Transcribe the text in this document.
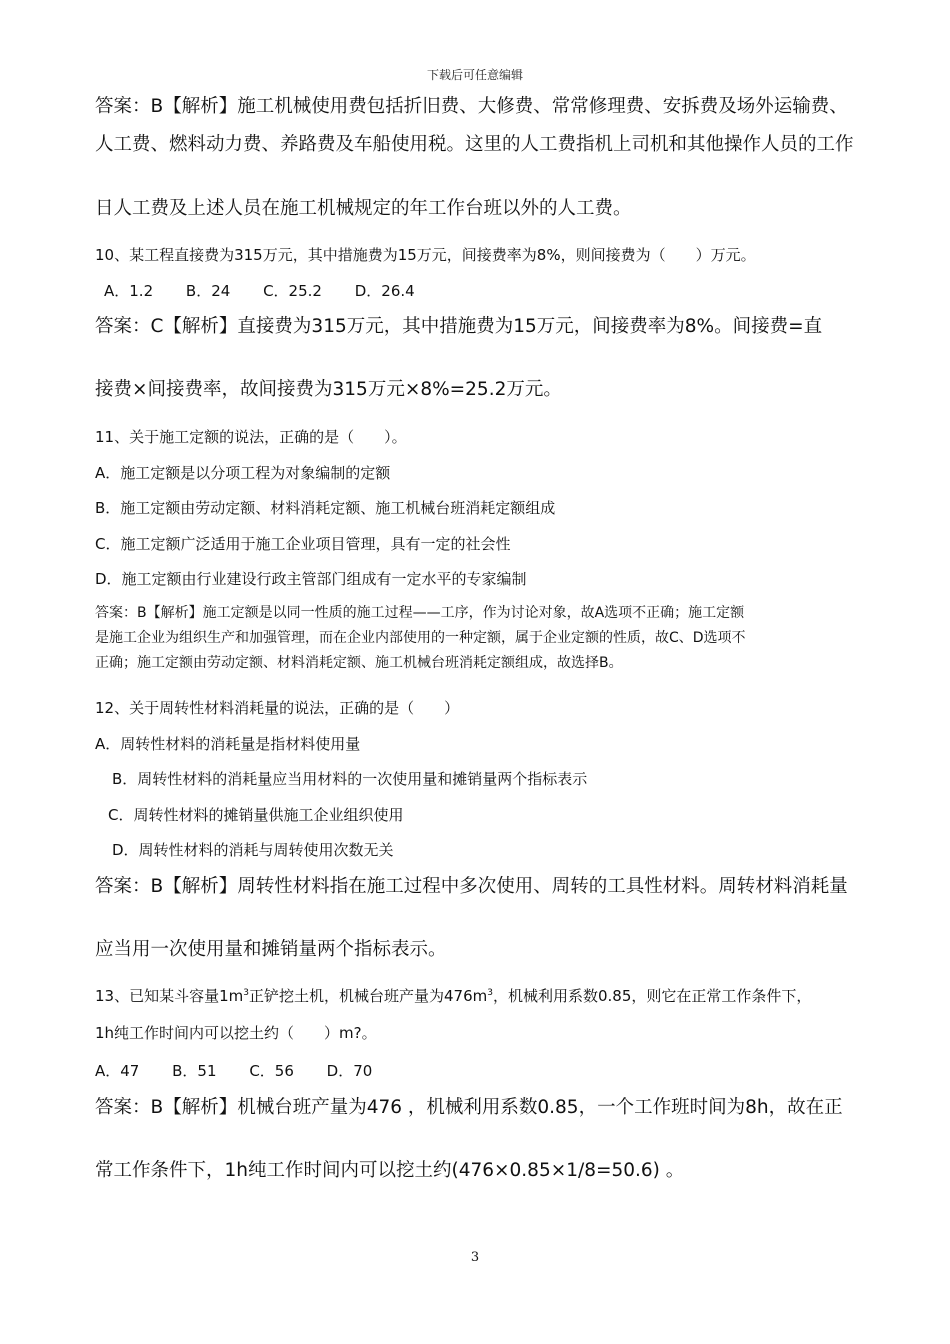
下载后可任意编辑
答案：B【解析】施工机械使用费包括折旧费、大修费、常常修理费、安拆费及场外运输费、
人工费、燃料动力费、养路费及车船使用税。这里的人工费指机上司机和其他操作人员的工作
日人工费及上述人员在施工机械规定的年工作台班以外的人工费。
10、某工程直接费为315万元，其中措施费为15万元，间接费率为8%，则间接费为（　　）万元。
A．1.2 B．24 C．25.2 D．26.4
答案：C【解析】直接费为315万元，其中措施费为15万元，间接费率为8%。间接费=直
接费×间接费率，故间接费为315万元×8%=25.2万元。
11、关于施工定额的说法，正确的是（　　）。
A．施工定额是以分项工程为对象编制的定额
B．施工定额由劳动定额、材料消耗定额、施工机械台班消耗定额组成
C．施工定额广泛适用于施工企业项目管理，具有一定的社会性
D．施工定额由行业建设行政主管部门组成有一定水平的专家编制
答案：B【解析】施工定额是以同一性质的施工过程——工序，作为讨论对象，故A选项不正确；施工定额
是施工企业为组织生产和加强管理，而在企业内部使用的一种定额，属于企业定额的性质，故C、D选项不
正确；施工定额由劳动定额、材料消耗定额、施工机械台班消耗定额组成，故选择B。
12、关于周转性材料消耗量的说法，正确的是（　　）
A．周转性材料的消耗量是指材料使用量
B．周转性材料的消耗量应当用材料的一次使用量和摊销量两个指标表示
C．周转性材料的摊销量供施工企业组织使用
D．周转性材料的消耗与周转使用次数无关
答案：B【解析】周转性材料指在施工过程中多次使用、周转的工具性材料。周转材料消耗量
应当用一次使用量和摊销量两个指标表示。
13、已知某斗容量$1m^3$正铲挖土机，机械台班产量为$476m^3$，机械利用系数0.85，则它在正常工作条件下，
1h纯工作时间内可以挖土约（　　）m?。
A．47 B．51 C．56 D．70
答案：B【解析】机械台班产量为476 ，机械利用系数0.85，一个工作班时间为8h，故在正
常工作条件下，1h纯工作时间内可以挖土约(476×0.85×1/8=50.6) 。
3
